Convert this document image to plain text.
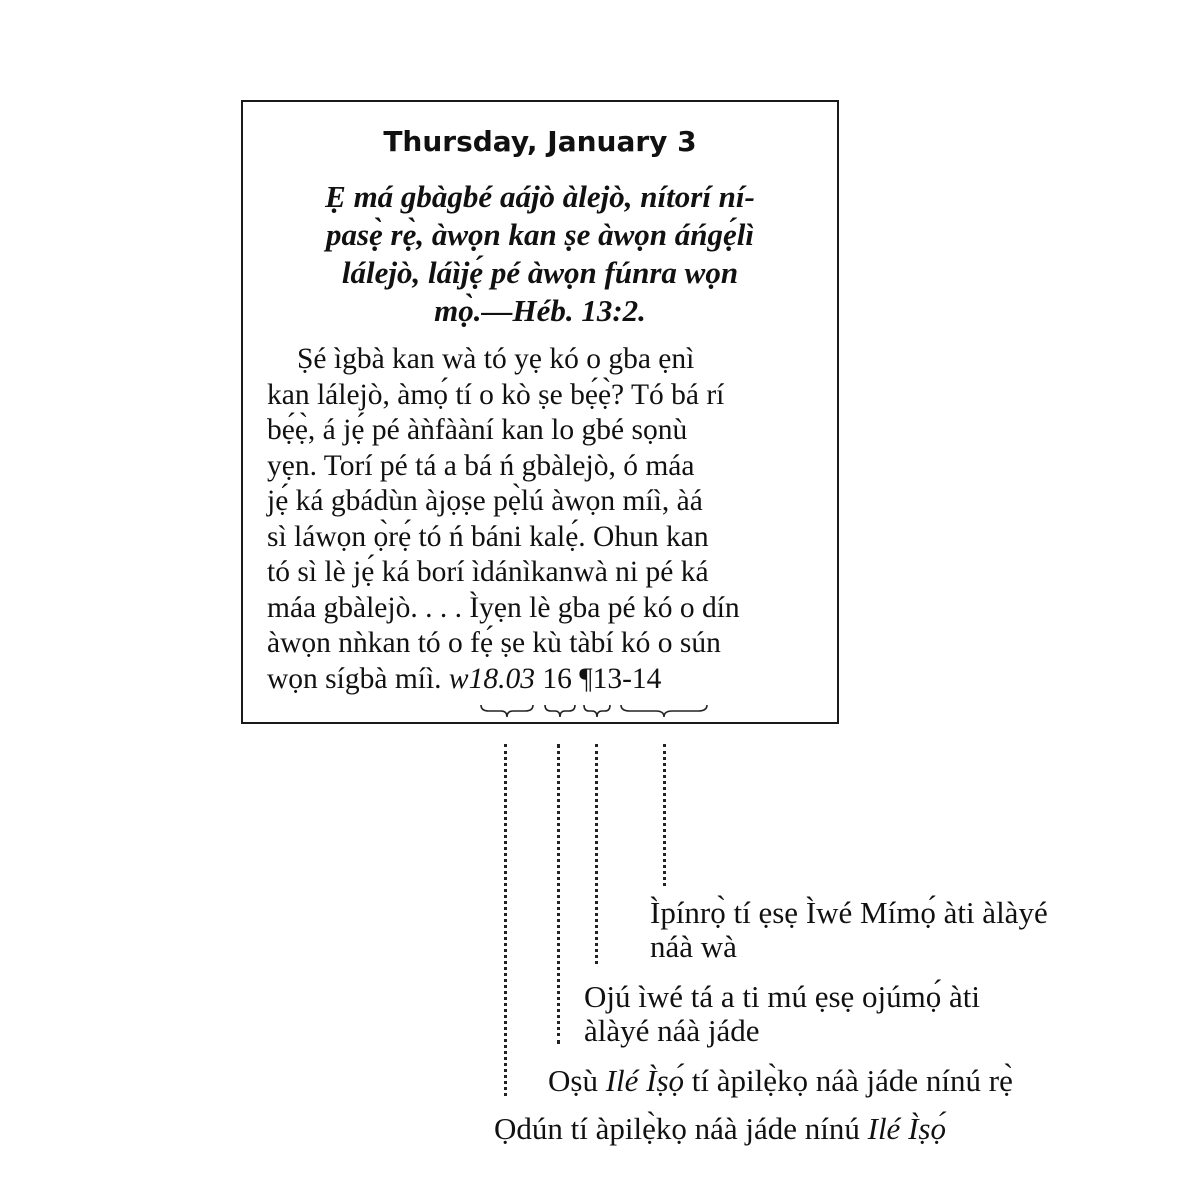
Thursday, January 3
Ẹ má gbàgbé aájò àlejò, nítorí ní-
pasẹ̀ rẹ̀, àwọn kan ṣe àwọn áńgẹ́lì
lálejò, láìjẹ́ pé àwọn fúnra wọn
mọ̀.—Héb. 13:2.
Ṣé ìgbà kan wà tó yẹ kó o gba ẹnì
kan lálejò, àmọ́ tí o kò ṣe bẹ́ẹ̀? Tó bá rí
bẹ́ẹ̀, á jẹ́ pé àǹfààní kan lo gbé sọnù
yẹn. Torí pé tá a bá ń gbàlejò, ó máa
jẹ́ ká gbádùn àjọṣe pẹ̀lú àwọn míì, àá
sì láwọn ọ̀rẹ́ tó ń báni kalẹ́. Ohun kan
tó sì lè jẹ́ ká borí ìdánìkanwà ni pé ká
máa gbàlejò. . . . Ìyẹn lè gba pé kó o dín
àwọn nǹkan tó o fẹ́ ṣe kù tàbí kó o sún
wọn sígbà míì. w18.03 16 ¶13-14
Ìpínrọ̀ tí ẹsẹ Ìwé Mímọ́ àti àlàyé
náà wà
Ojú ìwé tá a ti mú ẹsẹ ojúmọ́ àti
àlàyé náà jáde
Oṣù Ilé Ìṣọ́ tí àpilẹ̀kọ náà jáde nínú rẹ̀
Ọdún tí àpilẹ̀kọ náà jáde nínú Ilé Ìṣọ́
